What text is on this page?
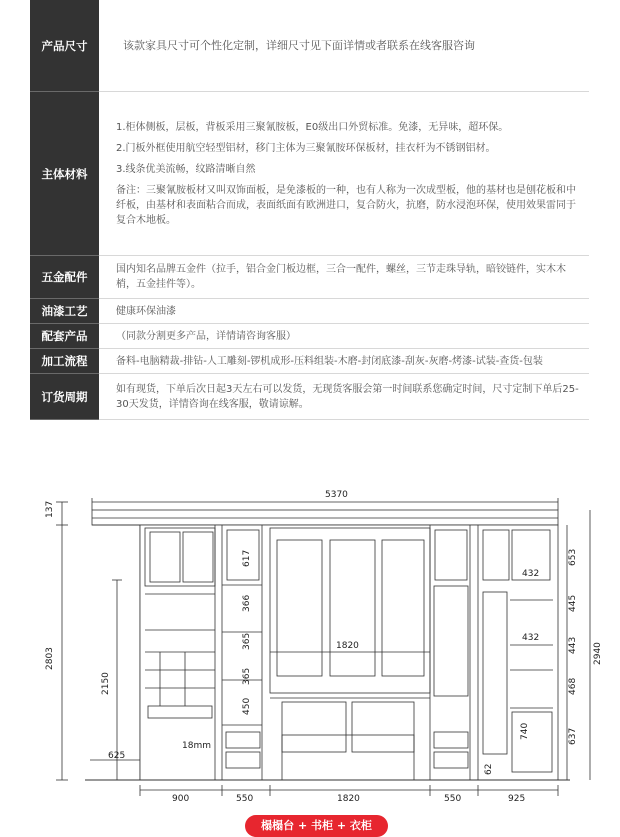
产品尺寸	该款家具尺寸可个性化定制，详细尺寸见下面详情或者联系在线客服咨询

主体材料	1.柜体侧板，层板，背板采用三聚氰胺板，E0级出口外贸标准。免漆，无异味，超环保。

2.门板外框使用航空轻型铝材，移门主体为三聚氰胺环保板材，挂衣杆为不锈钢铝材。

3.线条优美流畅，纹路清晰自然

备注：三聚氰胺板材又叫双饰面板，是免漆板的一种，也有人称为一次成型板，他的基材也是刨花板和中纤板，由基材和表面粘合而成，表面纸面有欧洲进口，复合防火，抗磨，防水浸泡环保，使用效果雷同于复合木地板。

五金配件	国内知名品牌五金件（拉手，铝合金门板边框，三合一配件，螺丝，三节走珠导轨，暗铰链件，实木木梢，五金挂件等）。

油漆工艺	健康环保油漆

配套产品	（同款分割更多产品，详情请咨询客服）

加工流程	备料-电脑精裁-排钻-人工雕刻-锣机成形-压料组装-木磨-封闭底漆-刮灰-灰磨-烤漆-试装-查货-包装

订货周期	如有现货，下单后次日起3天左右可以发货，无现货客服会第一时间联系您确定时间，尺寸定制下单后25-30天发货，详情咨询在线客服，敬请谅解。

5370
137
2803
2150
625
617
366
365
365
450
1820
18mm
432
432
653
445
443
468
637
2940
740
62
900	550	1820	550	925
榻榻台 + 书柜 + 衣柜
